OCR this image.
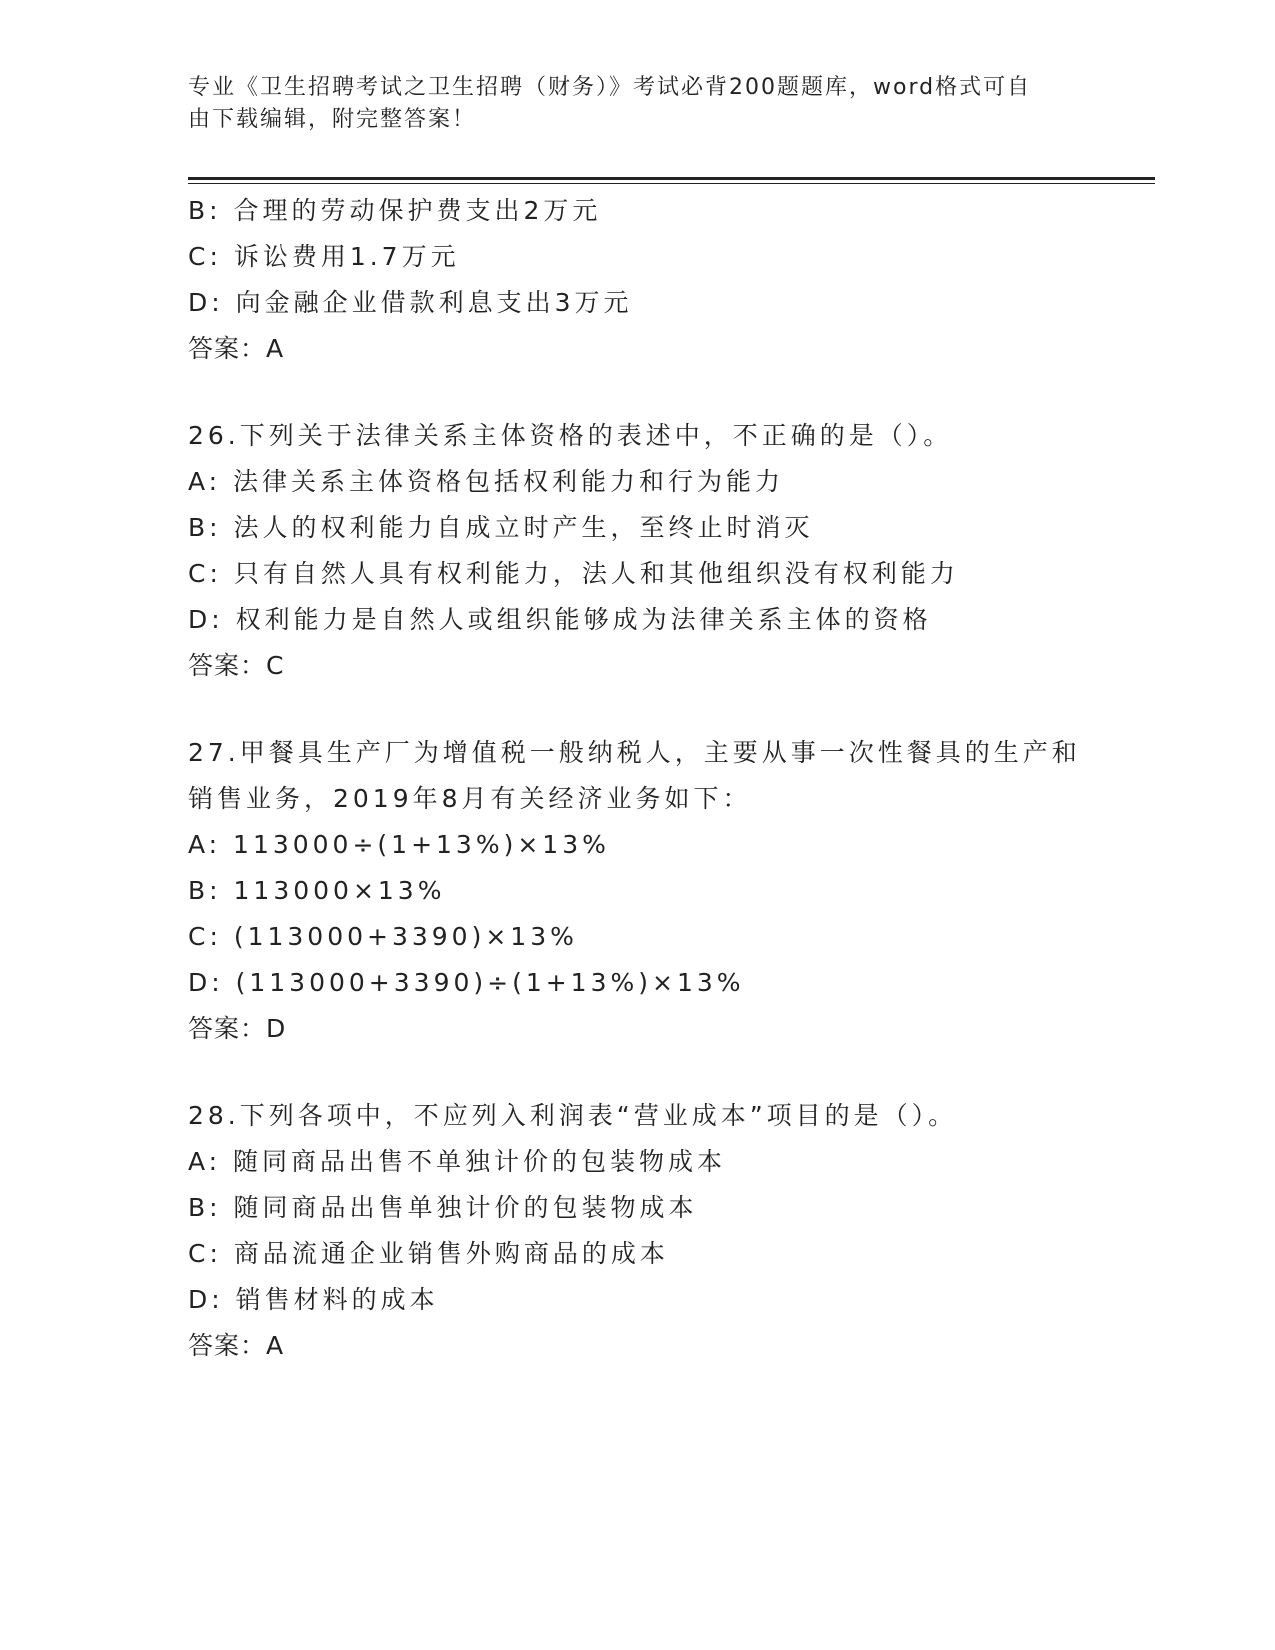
专业《卫生招聘考试之卫生招聘（财务）》考试必背200题题库，word格式可自
由下载编辑，附完整答案！
B: 合理的劳动保护费支出2万元
C: 诉讼费用1.7万元
D: 向金融企业借款利息支出3万元
答案：A
26.下列关于法律关系主体资格的表述中，不正确的是（）。
A: 法律关系主体资格包括权利能力和行为能力
B: 法人的权利能力自成立时产生，至终止时消灭
C: 只有自然人具有权利能力，法人和其他组织没有权利能力
D: 权利能力是自然人或组织能够成为法律关系主体的资格
答案：C
27.甲餐具生产厂为增值税一般纳税人，主要从事一次性餐具的生产和
销售业务，2019年8月有关经济业务如下：
A: 113000÷(1+13%)×13%
B: 113000×13%
C: (113000+3390)×13%
D: (113000+3390)÷(1+13%)×13%
答案：D
28.下列各项中，不应列入利润表“营业成本”项目的是（）。
A: 随同商品出售不单独计价的包装物成本
B: 随同商品出售单独计价的包装物成本
C: 商品流通企业销售外购商品的成本
D: 销售材料的成本
答案：A
